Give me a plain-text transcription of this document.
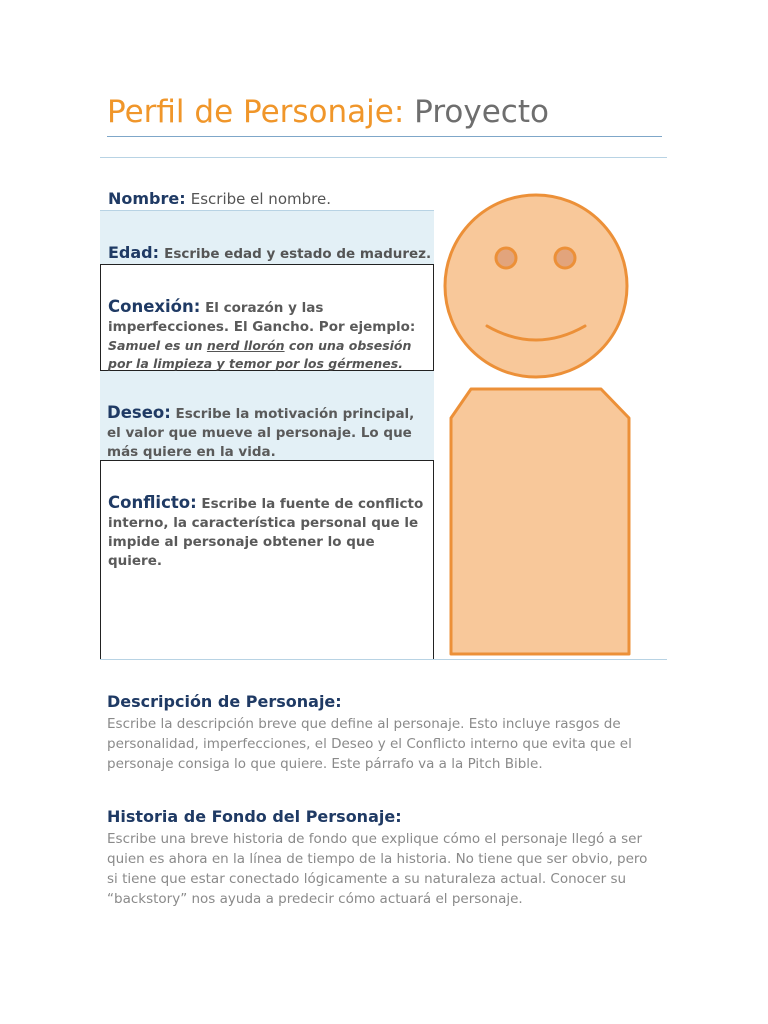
Perfil de Personaje: Proyecto
Nombre: Escribe el nombre.
Edad: Escribe edad y estado de madurez.
Conexión: El corazón y las imperfecciones. El Gancho. Por ejemplo:
Samuel es un nerd llorón con una obsesión por la limpieza y temor por los gérmenes.
Deseo: Escribe la motivación principal, el valor que mueve al personaje. Lo que más quiere en la vida.
Conflicto: Escribe la fuente de conflicto interno, la característica personal que le impide al personaje obtener lo que quiere.
Descripción de Personaje:

Escribe la descripción breve que define al personaje. Esto incluye rasgos de personalidad, imperfecciones, el Deseo y el Conflicto interno que evita que el personaje consiga lo que quiere. Este párrafo va a la Pitch Bible.

Historia de Fondo del Personaje:

Escribe una breve historia de fondo que explique cómo el personaje llegó a ser quien es ahora en la línea de tiempo de la historia. No tiene que ser obvio, pero si tiene que estar conectado lógicamente a su naturaleza actual. Conocer su “backstory” nos ayuda a predecir cómo actuará el personaje.
